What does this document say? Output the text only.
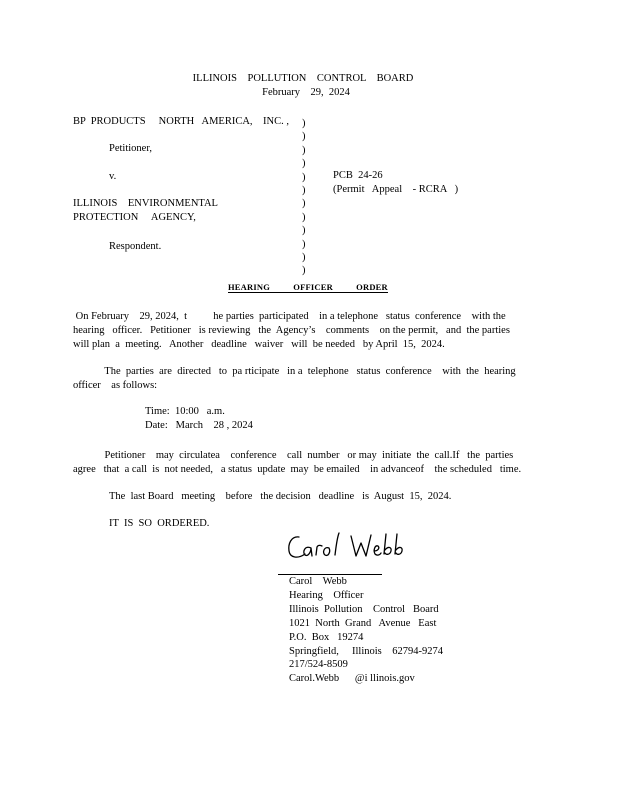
ILLINOIS    POLLUTION    CONTROL    BOARD
February    29,  2024
BP  PRODUCTS     NORTH   AMERICA,    INC. ,
Petitioner,
v.
ILLINOIS    ENVIRONMENTAL
PROTECTION     AGENCY,
Respondent.
)
)
)
)
)
)
)
)
)
)
)
)
PCB  24-26
(Permit   Appeal    - RCRA   )
HEARING          OFFICER          ORDER
On February    29, 2024,  t          he parties  participated    in a telephone   status  conference    with the
hearing   officer.   Petitioner   is reviewing   the  Agency’s    comments    on the permit,   and  the parties
will plan  a  meeting.   Another   deadline   waiver   will  be needed   by April  15,  2024.
The  parties  are  directed   to  pa rticipate   in a  telephone   status  conference    with  the  hearing
officer    as follows:
Time:  10:00   a.m.
Date:   March    28 , 2024
Petitioner    may  circulatea    conference    call  number   or may  initiate  the  call.If   the  parties
agree   that  a call  is  not needed,   a status  update  may  be emailed    in advanceof    the scheduled   time.
The  last Board   meeting    before   the decision   deadline   is  August  15,  2024.
IT  IS  SO  ORDERED.
Carol    Webb
Hearing    Officer
Illinois  Pollution    Control   Board
1021  North  Grand   Avenue   East
P.O.  Box   19274
Springfield,     Illinois    62794-9274
217/524-8509
Carol.Webb      @i llinois.gov
